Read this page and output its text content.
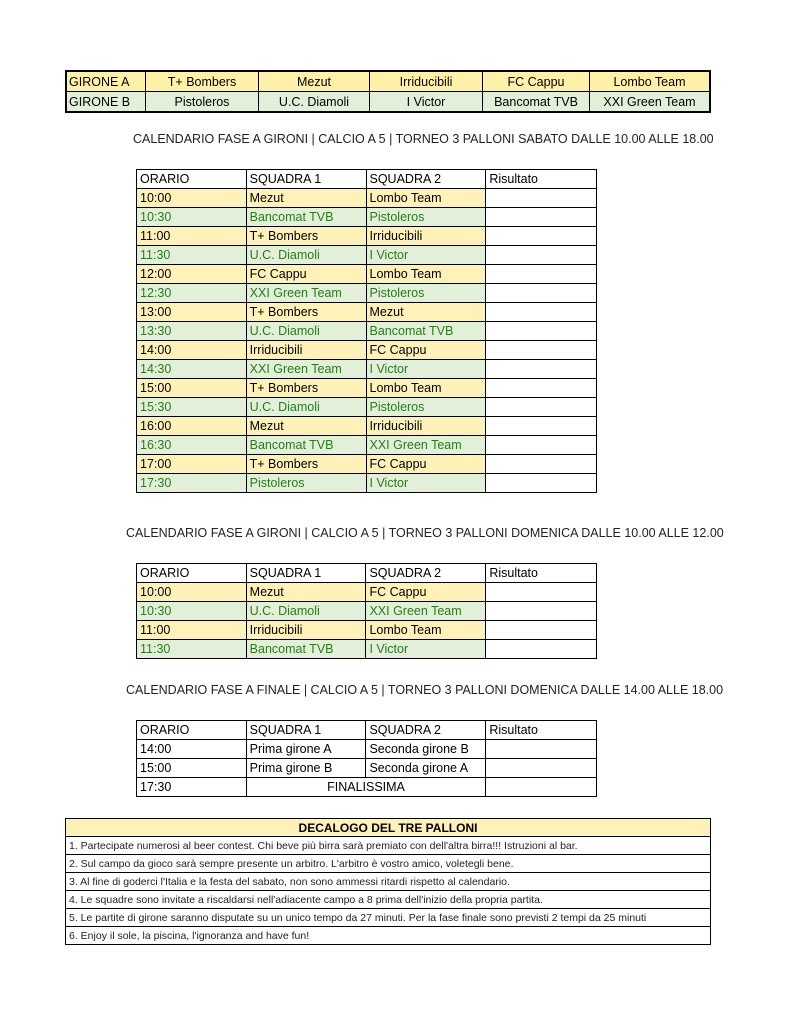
GIRONE A	T+ Bombers	Mezut	Irriducibili	FC Cappu	Lombo Team
GIRONE B	Pistoleros	U.C. Diamoli	I Victor	Bancomat TVB	XXI Green Team
CALENDARIO FASE A GIRONI | CALCIO A 5 | TORNEO 3 PALLONI SABATO DALLE 10.00 ALLE 18.00
ORARIO	SQUADRA 1	SQUADRA 2	Risultato
10:00	Mezut	Lombo Team	
10:30	Bancomat TVB	Pistoleros	
11:00	T+ Bombers	Irriducibili	
11:30	U.C. Diamoli	I Victor	
12:00	FC Cappu	Lombo Team	
12:30	XXI Green Team	Pistoleros	
13:00	T+ Bombers	Mezut	
13:30	U.C. Diamoli	Bancomat TVB	
14:00	Irriducibili	FC Cappu	
14:30	XXI Green Team	I Victor	
15:00	T+ Bombers	Lombo Team	
15:30	U.C. Diamoli	Pistoleros	
16:00	Mezut	Irriducibili	
16:30	Bancomat TVB	XXI Green Team	
17:00	T+ Bombers	FC Cappu	
17:30	Pistoleros	I Victor	
CALENDARIO FASE A GIRONI | CALCIO A 5 | TORNEO 3 PALLONI DOMENICA DALLE 10.00 ALLE 12.00
ORARIO	SQUADRA 1	SQUADRA 2	Risultato
10:00	Mezut	FC Cappu	
10:30	U.C. Diamoli	XXI Green Team	
11:00	Irriducibili	Lombo Team	
11:30	Bancomat TVB	I Victor	
CALENDARIO FASE A FINALE | CALCIO A 5 | TORNEO 3 PALLONI DOMENICA DALLE 14.00 ALLE 18.00
ORARIO	SQUADRA 1	SQUADRA 2	Risultato
14:00	Prima girone A	Seconda girone B	
15:00	Prima girone B	Seconda girone A	
17:30	FINALISSIMA		
DECALOGO DEL TRE PALLONI
1. Partecipate numerosi al beer contest. Chi beve più birra sarà premiato con dell'altra birra!!! Istruzioni al bar.
2. Sul campo da gioco sarà sempre presente un arbitro. L'arbitro è vostro amico, voletegli bene.
3. Al fine di goderci l'Italia e la festa del sabato, non sono ammessi ritardi rispetto al calendario.
4. Le squadre sono invitate a riscaldarsi nell'adiacente campo a 8 prima dell'inizio della propria partita.
5. Le partite di girone saranno disputate su un unico tempo da 27 minuti. Per la fase finale sono previsti 2 tempi da 25 minuti
6. Enjoy il sole, la piscina, l'ignoranza and have fun!
